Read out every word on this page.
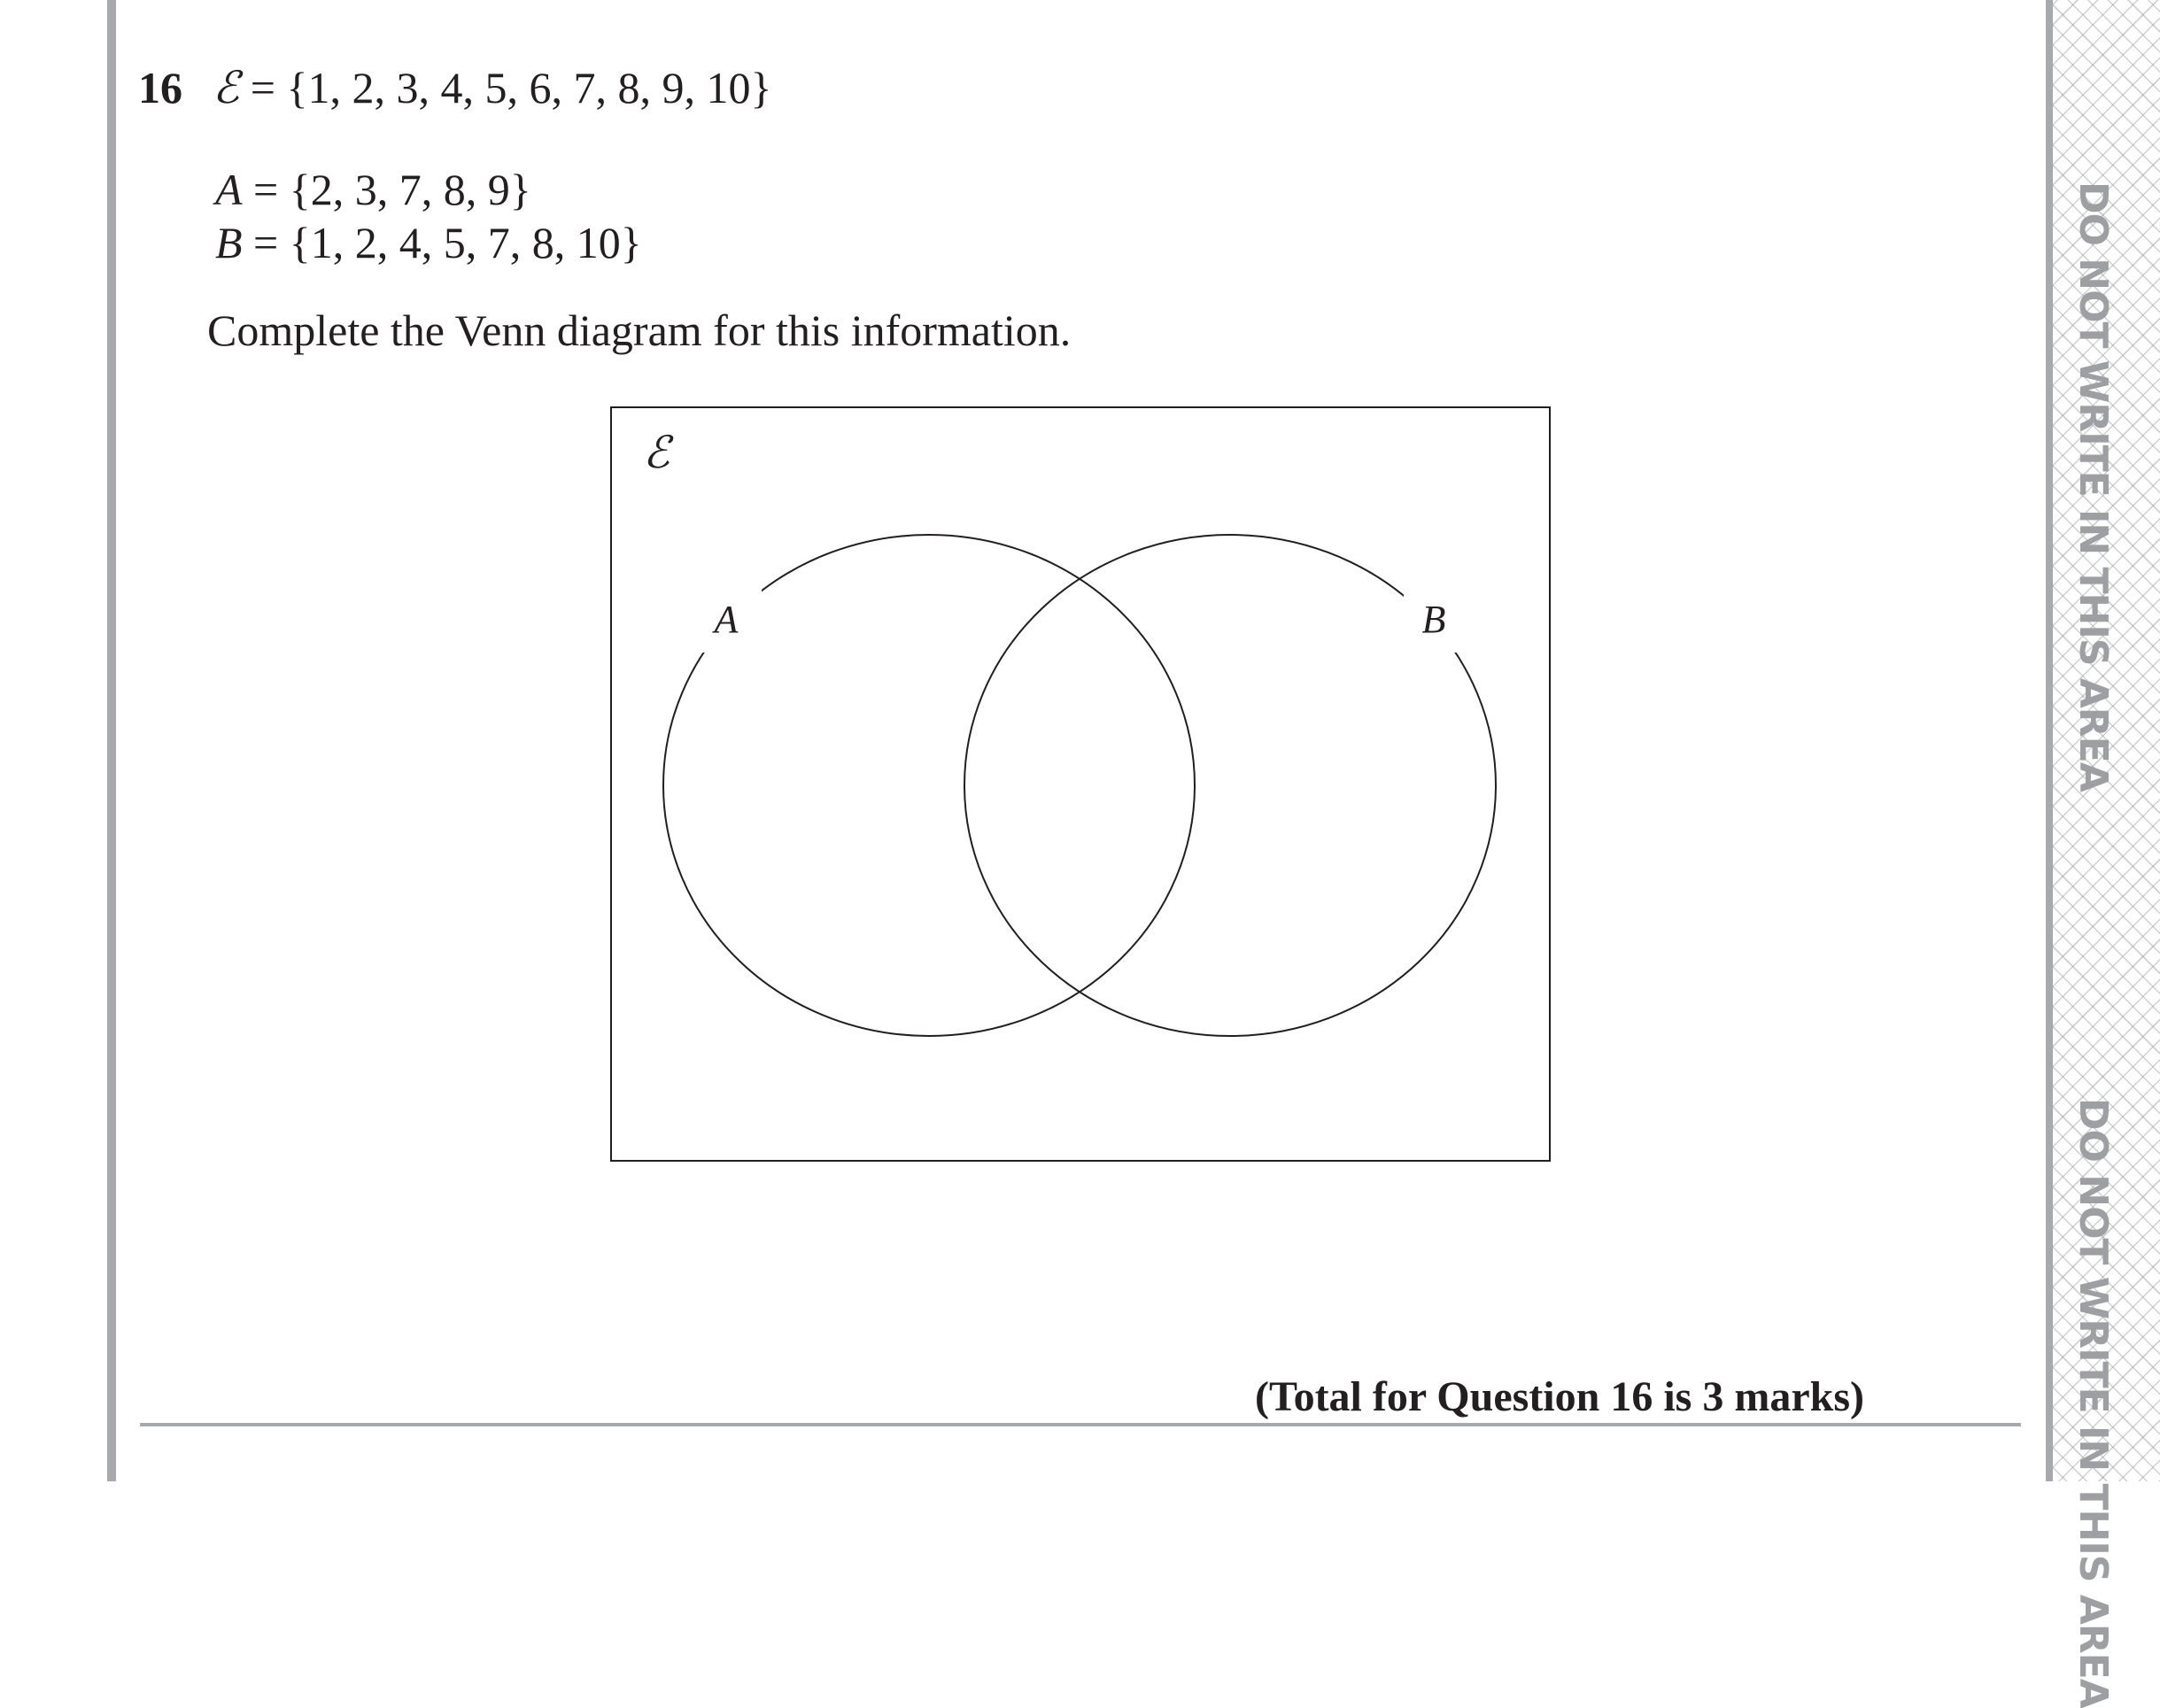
16 ℰ = {1, 2, 3, 4, 5, 6, 7, 8, 9, 10}
A = {2, 3, 7, 8, 9}
B = {1, 2, 4, 5, 7, 8, 10}
Complete the Venn diagram for this information.
ℰ
A	B
(Total for Question 16 is 3 marks)
DO NOT WRITE IN THIS AREA
DO NOT WRITE IN THIS AREA
